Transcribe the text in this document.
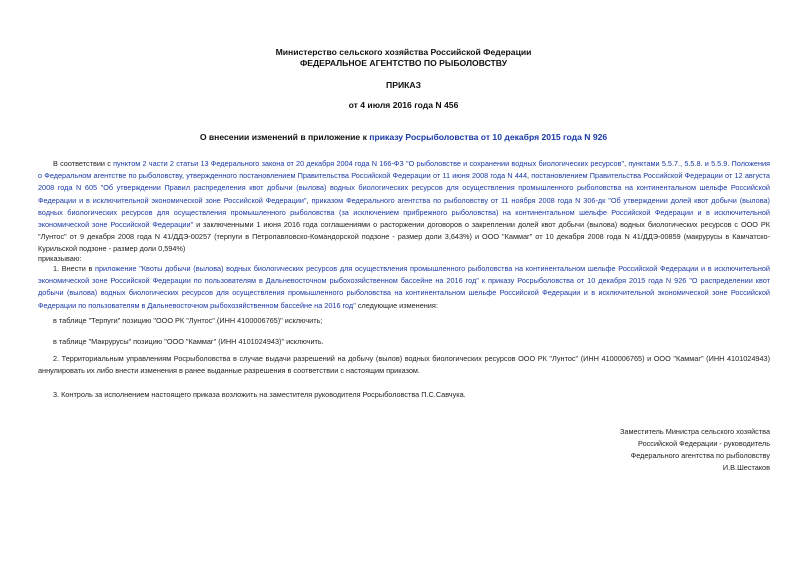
Министерство сельского хозяйства Российской Федерации
ФЕДЕРАЛЬНОЕ АГЕНТСТВО ПО РЫБОЛОВСТВУ
ПРИКАЗ
от 4 июля 2016 года N 456
О внесении изменений в приложение к приказу Росрыболовства от 10 декабря 2015 года N 926

В соответствии с пунктом 2 части 2 статьи 13 Федерального закона от 20 декабря 2004 года N 166-ФЗ "О рыболовстве и сохранении водных биологических ресурсов", пунктами 5.5.7., 5.5.8. и 5.5.9. Положения о Федеральном агентстве по рыболовству, утвержденного постановлением Правительства Российской Федерации от 11 июня 2008 года N 444, постановлением Правительства Российской Федерации от 12 августа 2008 года N 605 "Об утверждении Правил распределения квот добычи (вылова) водных биологических ресурсов для осуществления промышленного рыболовства на континентальном шельфе Российской Федерации и в исключительной экономической зоне Российской Федерации", приказом Федерального агентства по рыболовству от 11 ноября 2008 года N 306-дк "Об утверждении долей квот добычи (вылова) водных биологических ресурсов для осуществления промышленного рыболовства (за исключением прибрежного рыболовства) на континентальном шельфе Российской Федерации и в исключительной экономической зоне Российской Федерации" и заключенными 1 июня 2016 года соглашениями о расторжении договоров о закреплении долей квот добычи (вылова) водных биологических ресурсов с ООО РК "Лунтос" от 9 декабря 2008 года N 41/ДДЭ-00257 (терпуги в Петропавловско-Командорской подзоне - размер доли 3,643%) и ООО "Каммаг" от 10 декабря 2008 года N 41/ДДЭ-00859 (макрурусы в Камчатско-Курильской подзоне - размер доли 0,594%)

приказываю:

1. Внести в приложение "Квоты добычи (вылова) водных биологических ресурсов для осуществления промышленного рыболовства на континентальном шельфе Российской Федерации и в исключительной экономической зоне Российской Федерации по пользователям в Дальневосточном рыбохозяйственном бассейне на 2016 год" к приказу Росрыболовства от 10 декабря 2015 года N 926 "О распределении квот добычи (вылова) водных биологических ресурсов для осуществления промышленного рыболовства на континентальном шельфе Российской Федерации и в исключительной экономической зоне Российской Федерации по пользователям в Дальневосточном рыбохозяйственном бассейне на 2016 год" следующие изменения:

в таблице "Терпуги" позицию "ООО РК "Лунтос" (ИНН 4100006765)" исключить;
в таблице "Макрурусы" позицию "ООО "Каммаг" (ИНН 4101024943)" исключить.

2. Территориальным управлениям Росрыболовства в случае выдачи разрешений на добычу (вылов) водных биологических ресурсов ООО РК "Лунтос" (ИНН 4100006765) и ООО "Каммаг" (ИНН 4101024943) аннулировать их либо внести изменения в ранее выданные разрешения в соответствии с настоящим приказом.

3. Контроль за исполнением настоящего приказа возложить на заместителя руководителя Росрыболовства П.С.Савчука.
Заместитель Министра сельского хозяйства
Российской Федерации - руководитель
Федерального агентства по рыболовству
И.В.Шестаков
